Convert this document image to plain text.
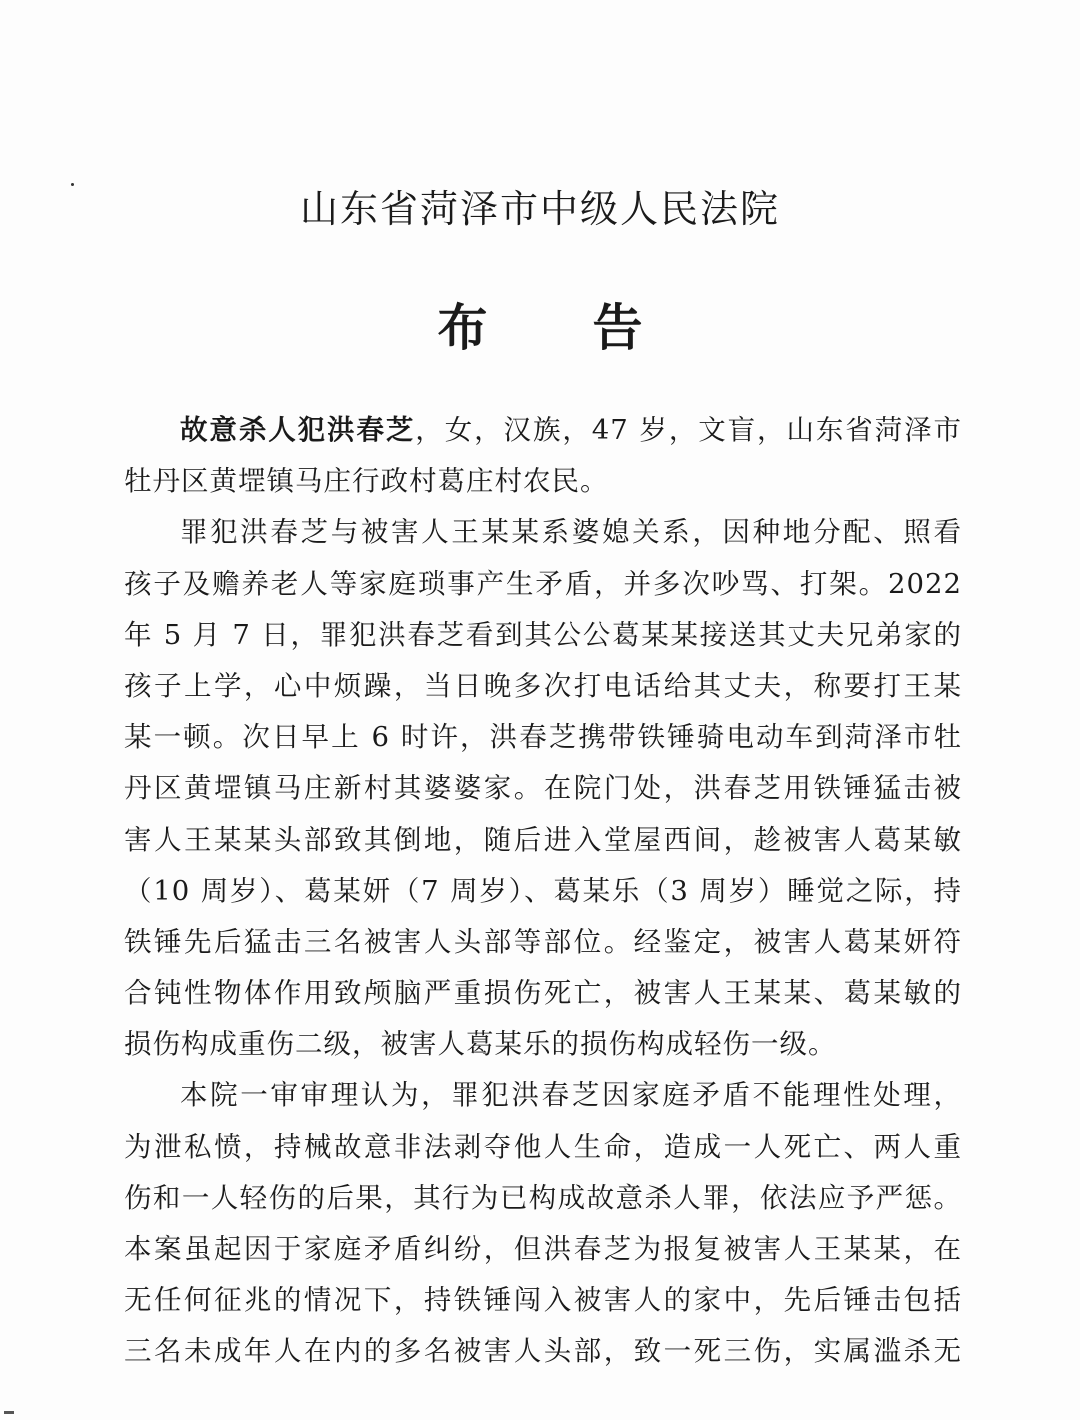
山东省菏泽市中级人民法院
布告
故意杀人犯洪春芝，女，汉族，47 岁，文盲，山东省菏泽市
牡丹区黄堽镇马庄行政村葛庄村农民。
罪犯洪春芝与被害人王某某系婆媳关系，因种地分配、照看
孩子及赡养老人等家庭琐事产生矛盾，并多次吵骂、打架。2022
年 5 月 7 日，罪犯洪春芝看到其公公葛某某接送其丈夫兄弟家的
孩子上学，心中烦躁，当日晚多次打电话给其丈夫，称要打王某
某一顿。次日早上 6 时许，洪春芝携带铁锤骑电动车到菏泽市牡
丹区黄堽镇马庄新村其婆婆家。在院门处，洪春芝用铁锤猛击被
害人王某某头部致其倒地，随后进入堂屋西间，趁被害人葛某敏
（10 周岁）、葛某妍（7 周岁）、葛某乐（3 周岁）睡觉之际，持
铁锤先后猛击三名被害人头部等部位。经鉴定，被害人葛某妍符
合钝性物体作用致颅脑严重损伤死亡，被害人王某某、葛某敏的
损伤构成重伤二级，被害人葛某乐的损伤构成轻伤一级。
本院一审审理认为，罪犯洪春芝因家庭矛盾不能理性处理，
为泄私愤，持械故意非法剥夺他人生命，造成一人死亡、两人重
伤和一人轻伤的后果，其行为已构成故意杀人罪，依法应予严惩。
本案虽起因于家庭矛盾纠纷，但洪春芝为报复被害人王某某，在
无任何征兆的情况下，持铁锤闯入被害人的家中，先后锤击包括
三名未成年人在内的多名被害人头部，致一死三伤，实属滥杀无
